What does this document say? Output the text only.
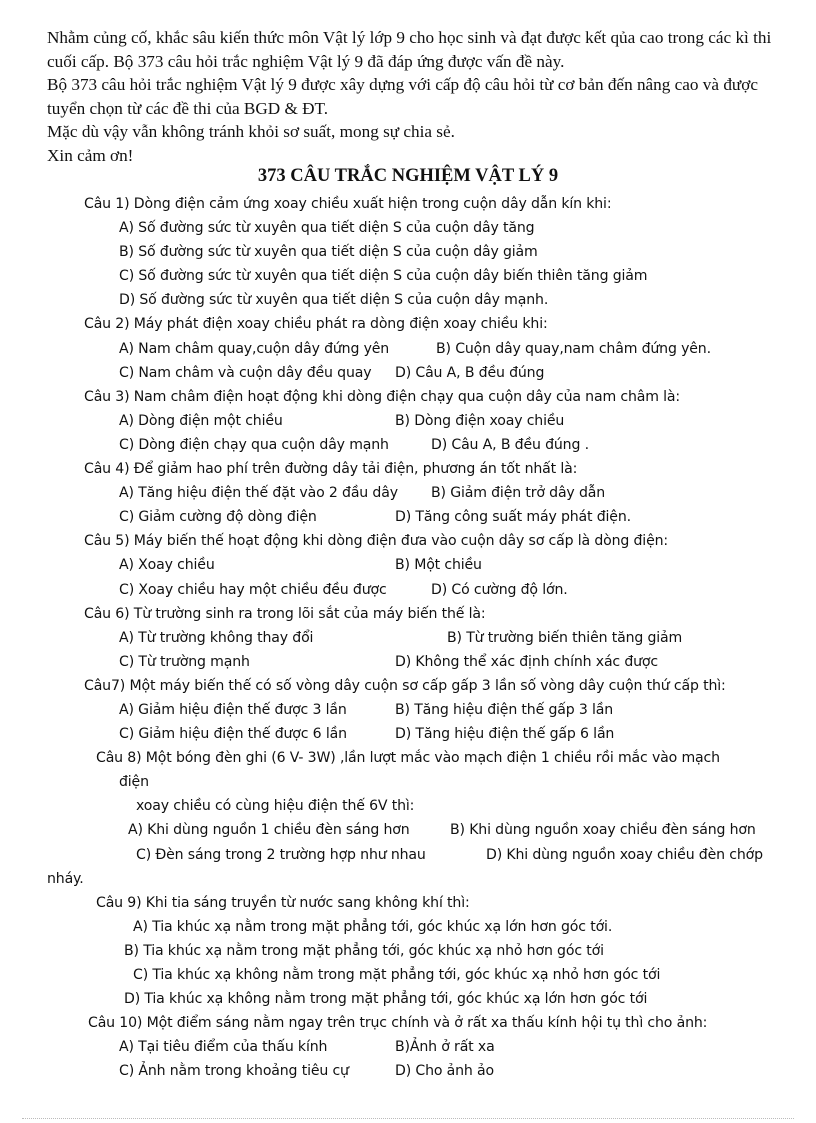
Nhằm củng cố, khắc sâu kiến thức môn Vật lý lớp 9 cho học sinh và đạt được kết qủa cao trong các kì thi cuối cấp. Bộ 373 câu hỏi trắc nghiệm Vật lý 9 đã đáp ứng được vấn đề này.

Bộ 373 câu hỏi trắc nghiệm Vật lý 9 được xây dựng với cấp độ câu hỏi từ cơ bản đến nâng cao và được tuyển chọn từ các đề thi của BGD & ĐT.

Mặc dù vậy vẫn không tránh khỏi sơ suất, mong sự chia sẻ.

Xin cảm ơn!

373 CÂU TRẮC NGHIỆM VẬT LÝ 9
Câu 1) Dòng điện cảm ứng xoay chiều xuất hiện trong cuộn dây dẫn kín khi:
A) Số đường sức từ xuyên qua tiết diện S của cuộn dây tăng
B) Số đường sức từ xuyên qua tiết diện S của cuộn dây giảm
C) Số đường sức từ xuyên qua tiết diện S của cuộn dây biến thiên tăng giảm
D) Số đường sức từ xuyên qua tiết diện S của cuộn dây mạnh.
Câu 2) Máy phát điện xoay chiều phát ra dòng điện xoay chiều khi:
A) Nam châm quay,cuộn dây đứng yên	B) Cuộn dây quay,nam châm đứng yên.
C) Nam châm và cuộn dây đều quay D) Câu A, B đều đúng
Câu 3) Nam châm điện hoạt động khi dòng điện chạy qua cuộn dây của nam châm là:
A) Dòng điện một chiều	B) Dòng điện xoay chiều
C) Dòng điện chạy qua cuộn dây mạnh	D) Câu A, B đều đúng .
Câu 4) Để giảm hao phí trên đường dây tải điện, phương án tốt nhất là:
A) Tăng hiệu điện thế đặt vào 2 đầu dây B) Giảm điện trở dây dẫn
C) Giảm cường độ dòng điện	D) Tăng công suất máy phát điện.
Câu 5) Máy biến thế hoạt động khi dòng điện đưa vào cuộn dây sơ cấp là dòng điện:
A) Xoay chiều	B) Một chiều
C) Xoay chiều hay một chiều đều được	D) Có cường độ lớn.
Câu 6) Từ trường sinh ra trong lõi sắt của máy biến thế là:
A) Từ trường không thay đổi	B) Từ trường biến thiên tăng giảm
C) Từ trường mạnh	D) Không thể xác định chính xác được
Câu7) Một máy biến thế có số vòng dây cuộn sơ cấp gấp 3 lần số vòng dây cuộn thứ cấp thì:
A) Giảm hiệu điện thế được 3 lần	B) Tăng hiệu điện thế gấp 3 lần
C) Giảm hiệu điện thế được 6 lần	D) Tăng hiệu điện thế gấp 6 lần
Câu 8) Một bóng đèn ghi (6 V- 3W) ,lần lượt mắc vào mạch điện 1 chiều rồi mắc vào mạch
điện
xoay chiều có cùng hiệu điện thế 6V thì:
A) Khi dùng nguồn 1 chiều đèn sáng hơn	B) Khi dùng nguồn xoay chiều đèn sáng hơn
C) Đèn sáng trong 2 trường hợp như nhau	D) Khi dùng nguồn xoay chiều đèn chớp
nháy.
Câu 9) Khi tia sáng truyền từ nước sang không khí thì:
A) Tia khúc xạ nằm trong mặt phẳng tới, góc khúc xạ lớn hơn góc tới.
B) Tia khúc xạ nằm trong mặt phẳng tới, góc khúc xạ nhỏ hơn góc tới
C) Tia khúc xạ không nằm trong mặt phẳng tới, góc khúc xạ nhỏ hơn góc tới
D) Tia khúc xạ không nằm trong mặt phẳng tới, góc khúc xạ lớn hơn góc tới
Câu 10) Một điểm sáng nằm ngay trên trục chính và ở rất xa thấu kính hội tụ thì cho ảnh:
A) Tại tiêu điểm của thấu kính	B)Ảnh ở rất xa
C) Ảnh nằm trong khoảng tiêu cự	D) Cho ảnh ảo
